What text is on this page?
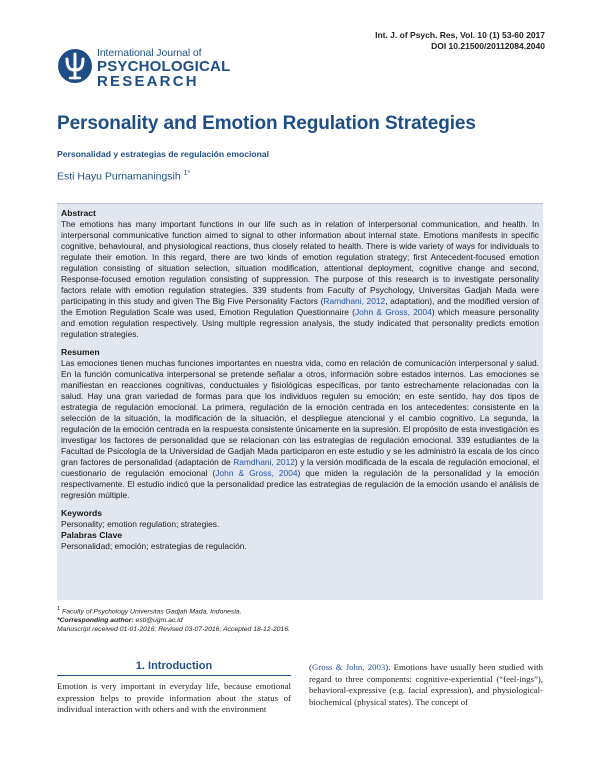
Int. J. of Psych. Res, Vol. 10 (1) 53-60 2017
DOI 10.21500/20112084.2040
International Journal of
PSYCHOLOGICAL
RESEARCH
Personality and Emotion Regulation Strategies
Personalidad y estrategias de regulación emocional
Esti Hayu Purnamaningsih $^{1*}$
Abstract

The emotions has many important functions in our life such as in relation of interpersonal communication, and health. In interpersonal communicative function aimed to signal to other information about internal state. Emotions manifests in specific cognitive, behavioural, and physiological reactions, thus closely related to health. There is wide variety of ways for individuals to regulate their emotion. In this regard, there are two kinds of emotion regulation strategy; first Antecedent-focused emotion regulation consisting of situation selection, situation modification, attentional deployment, cognitive change and second, Response-focused emotion regulation consisting of suppression. The purpose of this research is to investigate personality factors relate with emotion regulation strategies. 339 students from Faculty of Psychology, Universitas Gadjah Mada were participating in this study and given The Big Five Personality Factors (Ramdhani, 2012, adaptation), and the modified version of the Emotion Regulation Scale was used, Emotion Regulation Questionnaire (John & Gross, 2004) which measure personality and emotion regulation respectively. Using multiple regression analysis, the study indicated that personality predicts emotion regulation strategies.

Resumen

Las emociones tienen muchas funciones importantes en nuestra vida, como en relación de comunicación interpersonal y salud. En la función comunicativa interpersonal se pretende señalar a otros, información sobre estados internos. Las emociones se manifiestan en reacciones cognitivas, conductuales y fisiológicas específicas, por tanto estrechamente relacionadas con la salud. Hay una gran variedad de formas para que los individuos regulen su emoción; en este sentido, hay dos tipos de estrategia de regulación emocional. La primera, regulación de la emoción centrada en los antecedentes: consistente en la selección de la situación, la modificación de la situación, el despliegue atencional y el cambio cognitivo. La segunda, la regulación de la emoción centrada en la respuesta consistente únicamente en la supresión. El propósito de esta investigación es investigar los factores de personalidad que se relacionan con las estrategias de regulación emocional. 339 estudiantes de la Facultad de Psicología de la Universidad de Gadjah Mada participaron en este estudio y se les administró la escala de los cinco gran factores de personalidad (adaptación de Ramdhani, 2012) y la versión modificada de la escala de regulación emocional, el cuestionario de regulación emocional (John & Gross, 2004) que miden la regulación de la personalidad y la emoción respectivamente. El estudio indicó que la personalidad predice las estrategias de regulación de la emoción usando el análisis de regresión múltiple.

Keywords
Personality; emotion regulation; strategies.
Palabras Clave
Personalidad; emoción; estrategias de regulación.
$^1$ Faculty of Psychology Universitas Gadjah Mada, Indonesia.
*Corresponding author: esti@ugm.ac.id
Manuscript received 01-01-2016; Revised 03-07-2016; Accepted 18-12-2016.
1. Introduction
Emotion is very important in everyday life, because emotional expression helps to provide information about the status of individual interaction with others and with the environment
(Gross & John, 2003). Emotions have usually been studied with regard to three components: cognitive-experiential (“feel-ings”), behavioral-expressive (e.g. facial expression), and physiological-biochemical (physical states). The concept of
